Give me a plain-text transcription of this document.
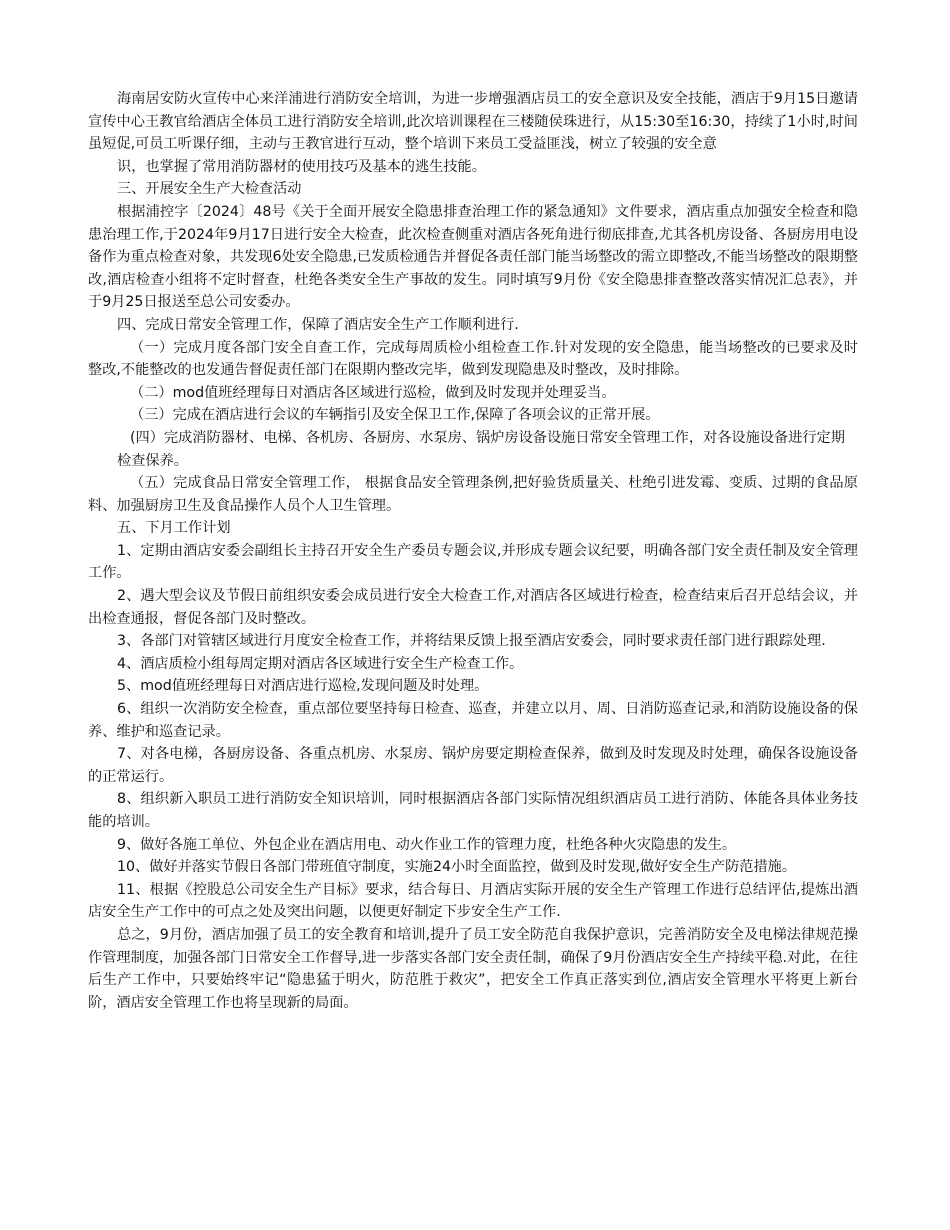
海南居安防火宣传中心来洋浦进行消防安全培训，为进一步增强酒店员工的安全意识及安全技能，酒店于9月15日邀请宣传中心王教官给酒店全体员工进行消防安全培训,此次培训课程在三楼随侯珠进行，从15:30至16:30，持续了1小时,时间虽短促,可员工听课仔细，主动与王教官进行互动，整个培训下来员工受益匪浅，树立了较强的安全意

识，也掌握了常用消防器材的使用技巧及基本的逃生技能。

三、开展安全生产大检查活动

根据浦控字〔2024〕48号《关于全面开展安全隐患排查治理工作的紧急通知》文件要求，酒店重点加强安全检查和隐患治理工作,于2024年9月17日进行安全大检查，此次检查侧重对酒店各死角进行彻底排查,尤其各机房设备、各厨房用电设备作为重点检查对象，共发现6处安全隐患,已发质检通告并督促各责任部门能当场整改的需立即整改,不能当场整改的限期整改,酒店检查小组将不定时督查，杜绝各类安全生产事故的发生。同时填写9月份《安全隐患排查整改落实情况汇总表》，并于9月25日报送至总公司安委办。

四、完成日常安全管理工作，保障了酒店安全生产工作顺利进行.

（一）完成月度各部门安全自查工作，完成每周质检小组检查工作.针对发现的安全隐患，能当场整改的已要求及时整改,不能整改的也发通告督促责任部门在限期内整改完毕，做到发现隐患及时整改，及时排除。

（二）mod值班经理每日对酒店各区域进行巡检，做到及时发现并处理妥当。

（三）完成在酒店进行会议的车辆指引及安全保卫工作,保障了各项会议的正常开展。

(四）完成消防器材、电梯、各机房、各厨房、水泵房、锅炉房设备设施日常安全管理工作，对各设施设备进行定期

检查保养。

（五）完成食品日常安全管理工作， 根据食品安全管理条例,把好验货质量关、杜绝引进发霉、变质、过期的食品原料、加强厨房卫生及食品操作人员个人卫生管理。

五、下月工作计划

1、定期由酒店安委会副组长主持召开安全生产委员专题会议,并形成专题会议纪要，明确各部门安全责任制及安全管理工作。

2、遇大型会议及节假日前组织安委会成员进行安全大检查工作,对酒店各区域进行检查，检查结束后召开总结会议，并出检查通报，督促各部门及时整改。

3、各部门对管辖区域进行月度安全检查工作，并将结果反馈上报至酒店安委会，同时要求责任部门进行跟踪处理.

4、酒店质检小组每周定期对酒店各区域进行安全生产检查工作。

5、mod值班经理每日对酒店进行巡检,发现问题及时处理。

6、组织一次消防安全检查，重点部位要坚持每日检查、巡查，并建立以月、周、日消防巡查记录,和消防设施设备的保养、维护和巡查记录。

7、对各电梯，各厨房设备、各重点机房、水泵房、锅炉房要定期检查保养，做到及时发现及时处理，确保各设施设备的正常运行。

8、组织新入职员工进行消防安全知识培训，同时根据酒店各部门实际情况组织酒店员工进行消防、体能各具体业务技能的培训。

9、做好各施工单位、外包企业在酒店用电、动火作业工作的管理力度，杜绝各种火灾隐患的发生。

10、做好并落实节假日各部门带班值守制度，实施24小时全面监控，做到及时发现,做好安全生产防范措施。

11、根据《控股总公司安全生产目标》要求，结合每日、月酒店实际开展的安全生产管理工作进行总结评估,提炼出酒店安全生产工作中的可点之处及突出问题，以便更好制定下步安全生产工作.

总之，9月份，酒店加强了员工的安全教育和培训,提升了员工安全防范自我保护意识，完善消防安全及电梯法律规范操作管理制度，加强各部门日常安全工作督导,进一步落实各部门安全责任制，确保了9月份酒店安全生产持续平稳.对此，在往后生产工作中，只要始终牢记“隐患猛于明火，防范胜于救灾”，把安全工作真正落实到位,酒店安全管理水平将更上新台阶，酒店安全管理工作也将呈现新的局面。
